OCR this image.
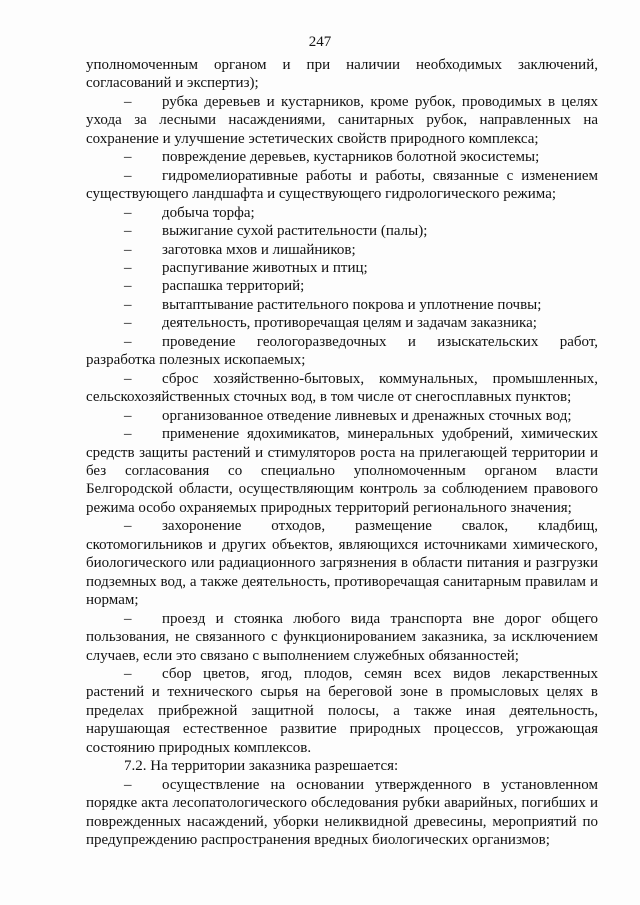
247

уполномоченным органом и при наличии необходимых заключений, согласований и экспертиз);

– рубка деревьев и кустарников, кроме рубок, проводимых в целях ухода за лесными насаждениями, санитарных рубок, направленных на сохранение и улучшение эстетических свойств природного комплекса;

– повреждение деревьев, кустарников болотной экосистемы;

– гидромелиоративные работы и работы, связанные с изменением существующего ландшафта и существующего гидрологического режима;

– добыча торфа;

– выжигание сухой растительности (палы);

– заготовка мхов и лишайников;

– распугивание животных и птиц;

– распашка территорий;

– вытаптывание растительного покрова и уплотнение почвы;

– деятельность, противоречащая целям и задачам заказника;

– проведение геологоразведочных и изыскательских работ, разработка полезных ископаемых;

– сброс хозяйственно-бытовых, коммунальных, промышленных, сельскохозяйственных сточных вод, в том числе от снегосплавных пунктов;

– организованное отведение ливневых и дренажных сточных вод;

– применение ядохимикатов, минеральных удобрений, химических средств защиты растений и стимуляторов роста на прилегающей территории и без согласования со специально уполномоченным органом власти Белгородской области, осуществляющим контроль за соблюдением правового режима особо охраняемых природных территорий регионального значения;

– захоронение отходов, размещение свалок, кладбищ, скотомогильников и других объектов, являющихся источниками химического, биологического или радиационного загрязнения в области питания и разгрузки подземных вод, а также деятельность, противоречащая санитарным правилам и нормам;

– проезд и стоянка любого вида транспорта вне дорог общего пользования, не связанного с функционированием заказника, за исключением случаев, если это связано с выполнением служебных обязанностей;

– сбор цветов, ягод, плодов, семян всех видов лекарственных растений и технического сырья на береговой зоне в промысловых целях в пределах прибрежной защитной полосы, а также иная деятельность, нарушающая естественное развитие природных процессов, угрожающая состоянию природных комплексов.

7.2. На территории заказника разрешается:

– осуществление на основании утвержденного в установленном порядке акта лесопатологического обследования рубки аварийных, погибших и поврежденных насаждений, уборки неликвидной древесины, мероприятий по предупреждению распространения вредных биологических организмов;
